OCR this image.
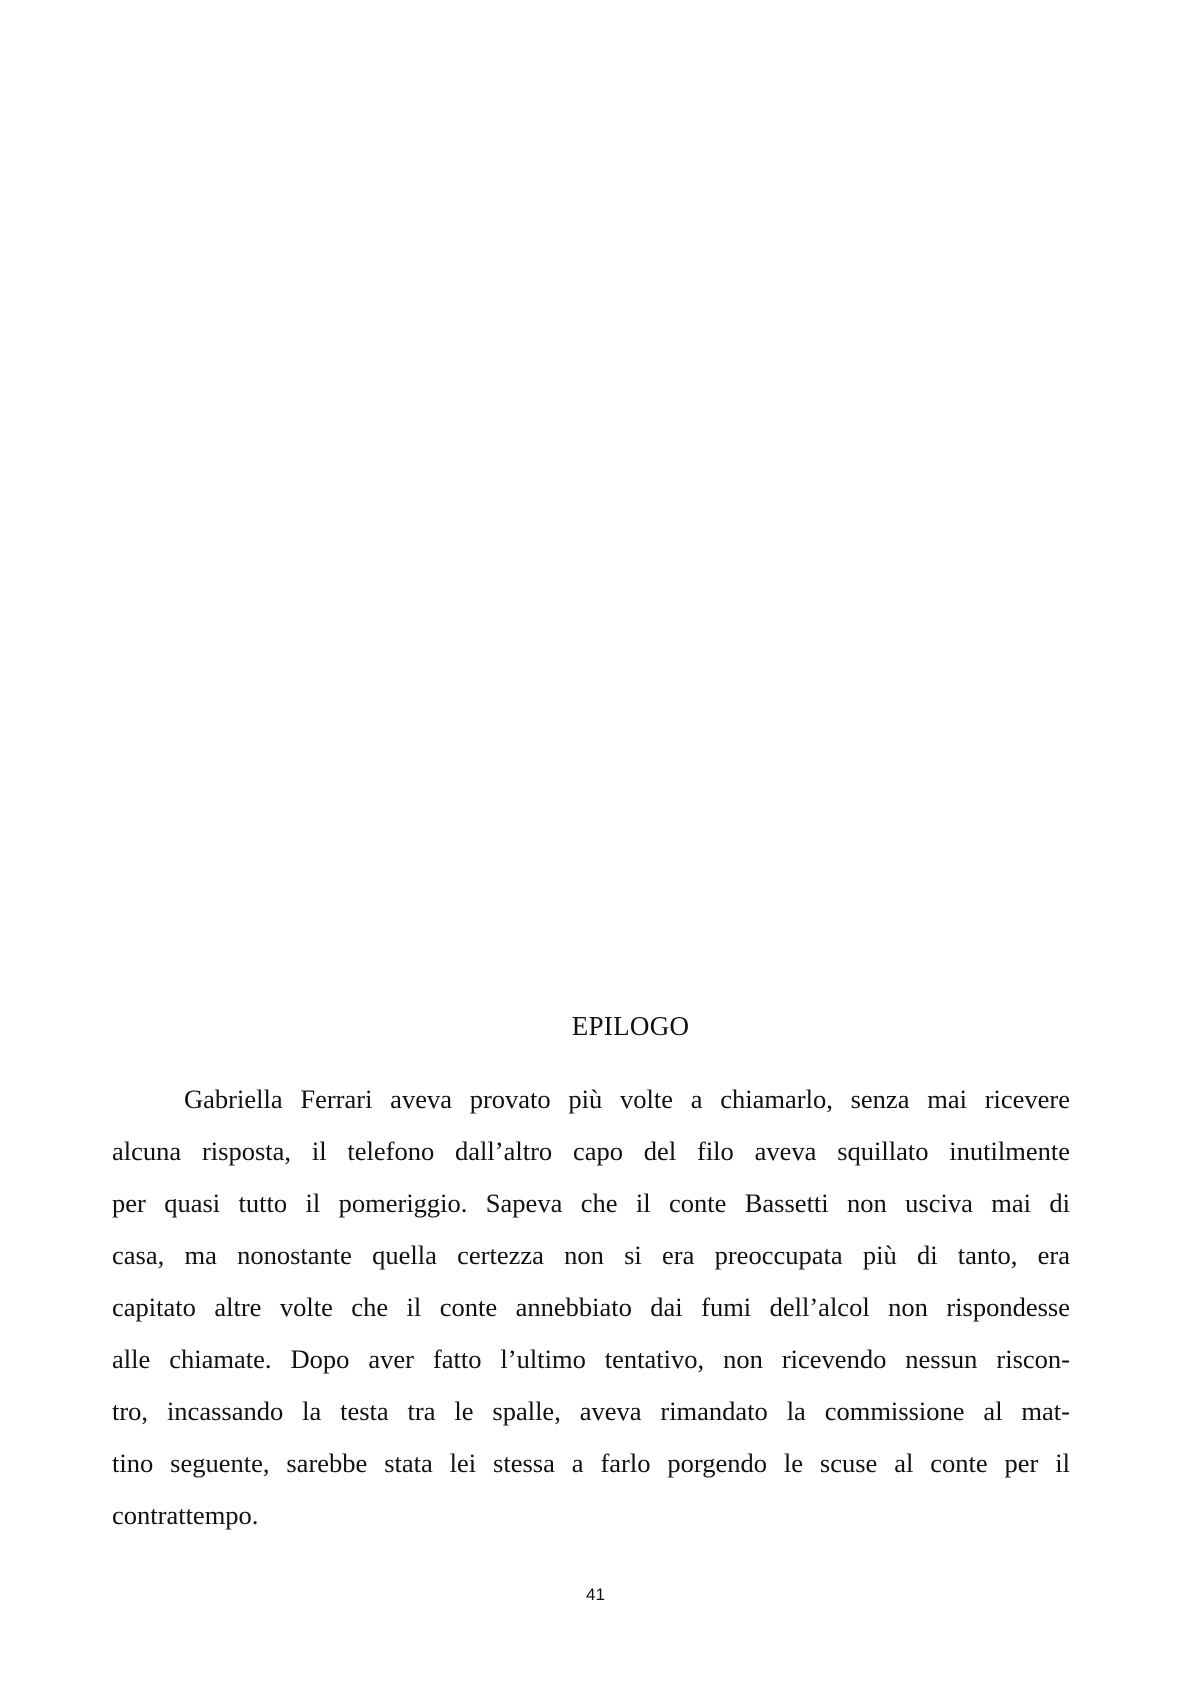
EPILOGO
Gabriella Ferrari aveva provato più volte a chiamarlo, senza mai ricevere
alcuna risposta, il telefono dall’altro capo del filo aveva squillato inutilmente
per quasi tutto il pomeriggio. Sapeva che il conte Bassetti non usciva mai di
casa, ma nonostante quella certezza non si era preoccupata più di tanto, era
capitato altre volte che il conte annebbiato dai fumi dell’alcol non rispondesse
alle chiamate. Dopo aver fatto l’ultimo tentativo, non ricevendo nessun riscon-
tro, incassando la testa tra le spalle, aveva rimandato la commissione al mat-
tino seguente, sarebbe stata lei stessa a farlo porgendo le scuse al conte per il
contrattempo.
41
